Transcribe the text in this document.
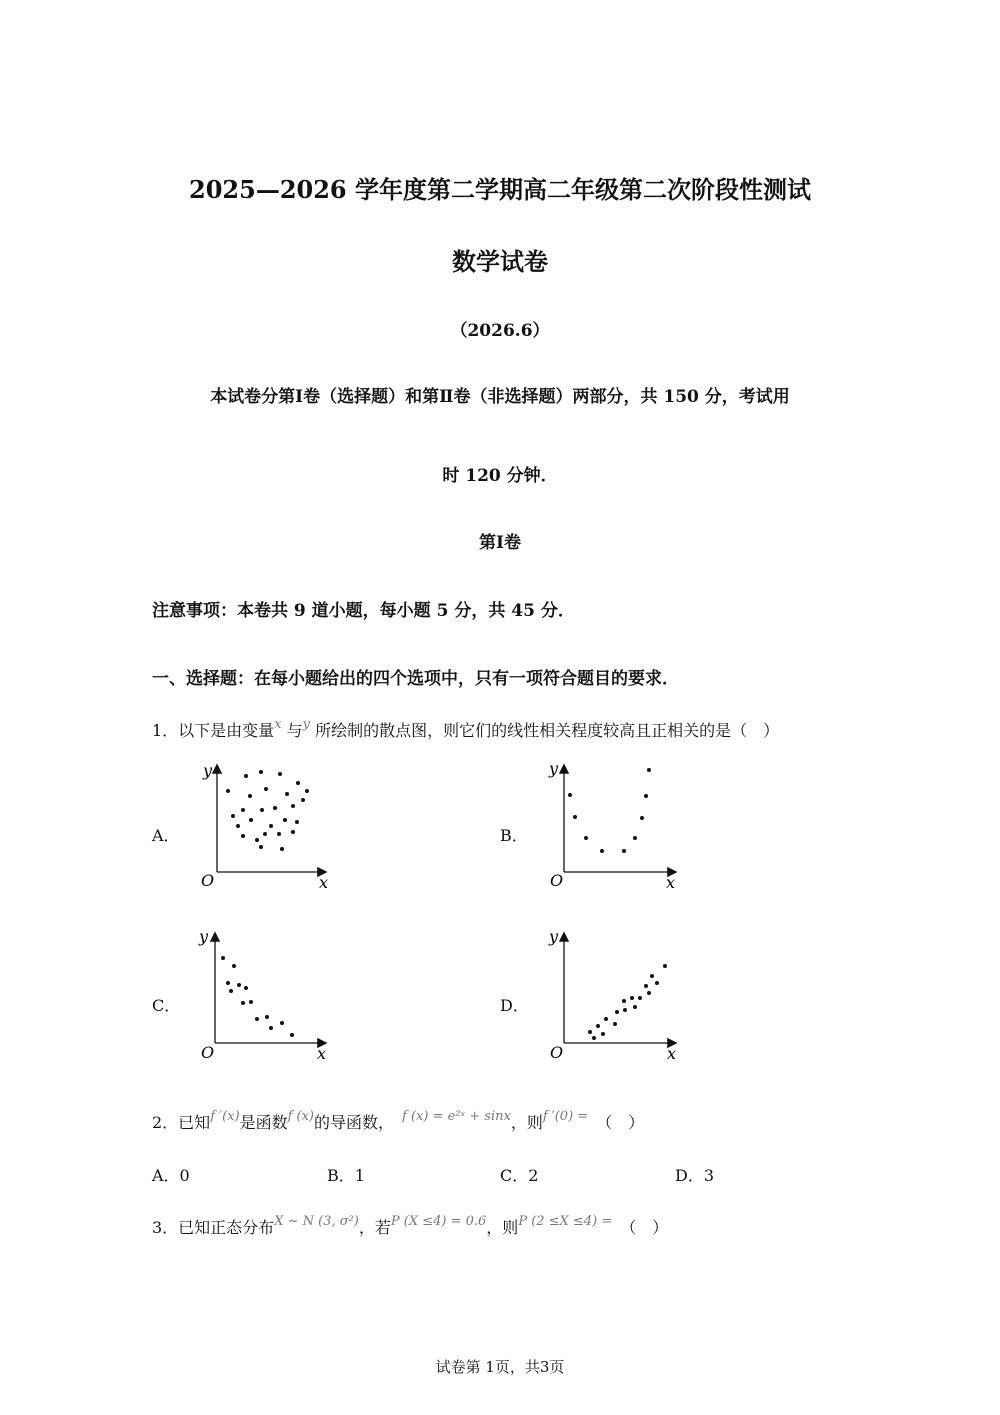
2025—2026 学年度第二学期高二年级第二次阶段性测试
数学试卷
（2026.6）
本试卷分第Ⅰ卷（选择题）和第Ⅱ卷（非选择题）两部分，共 150 分，考试用
时 120 分钟．
第Ⅰ卷
注意事项：本卷共 9 道小题，每小题 5 分，共 45 分．
一、选择题：在每小题给出的四个选项中，只有一项符合题目的要求．
1．以下是由变量$^x$ 与$^y$ 所绘制的散点图，则它们的线性相关程度较高且正相关的是（　）
A．	B．
C．	D．
y
O	x
y
O	x
y
O	x
y
O	x
2．已知$^{f '(x)}$是函数$^{f (x)}$的导函数，　 $^{f (x) = e^2ˣ + sinx}$，则$^{f '(0) =}$　 （　）
A．0	B．1	C．2	D．3
3．已知正态分布$^{X \sim N (3, \sigma^2)}$，若$^{P (X \le 4) = 0.6}$，则$^{P (2 \le X \le 4) =}$　 （　）
试卷第 1页，共3页
